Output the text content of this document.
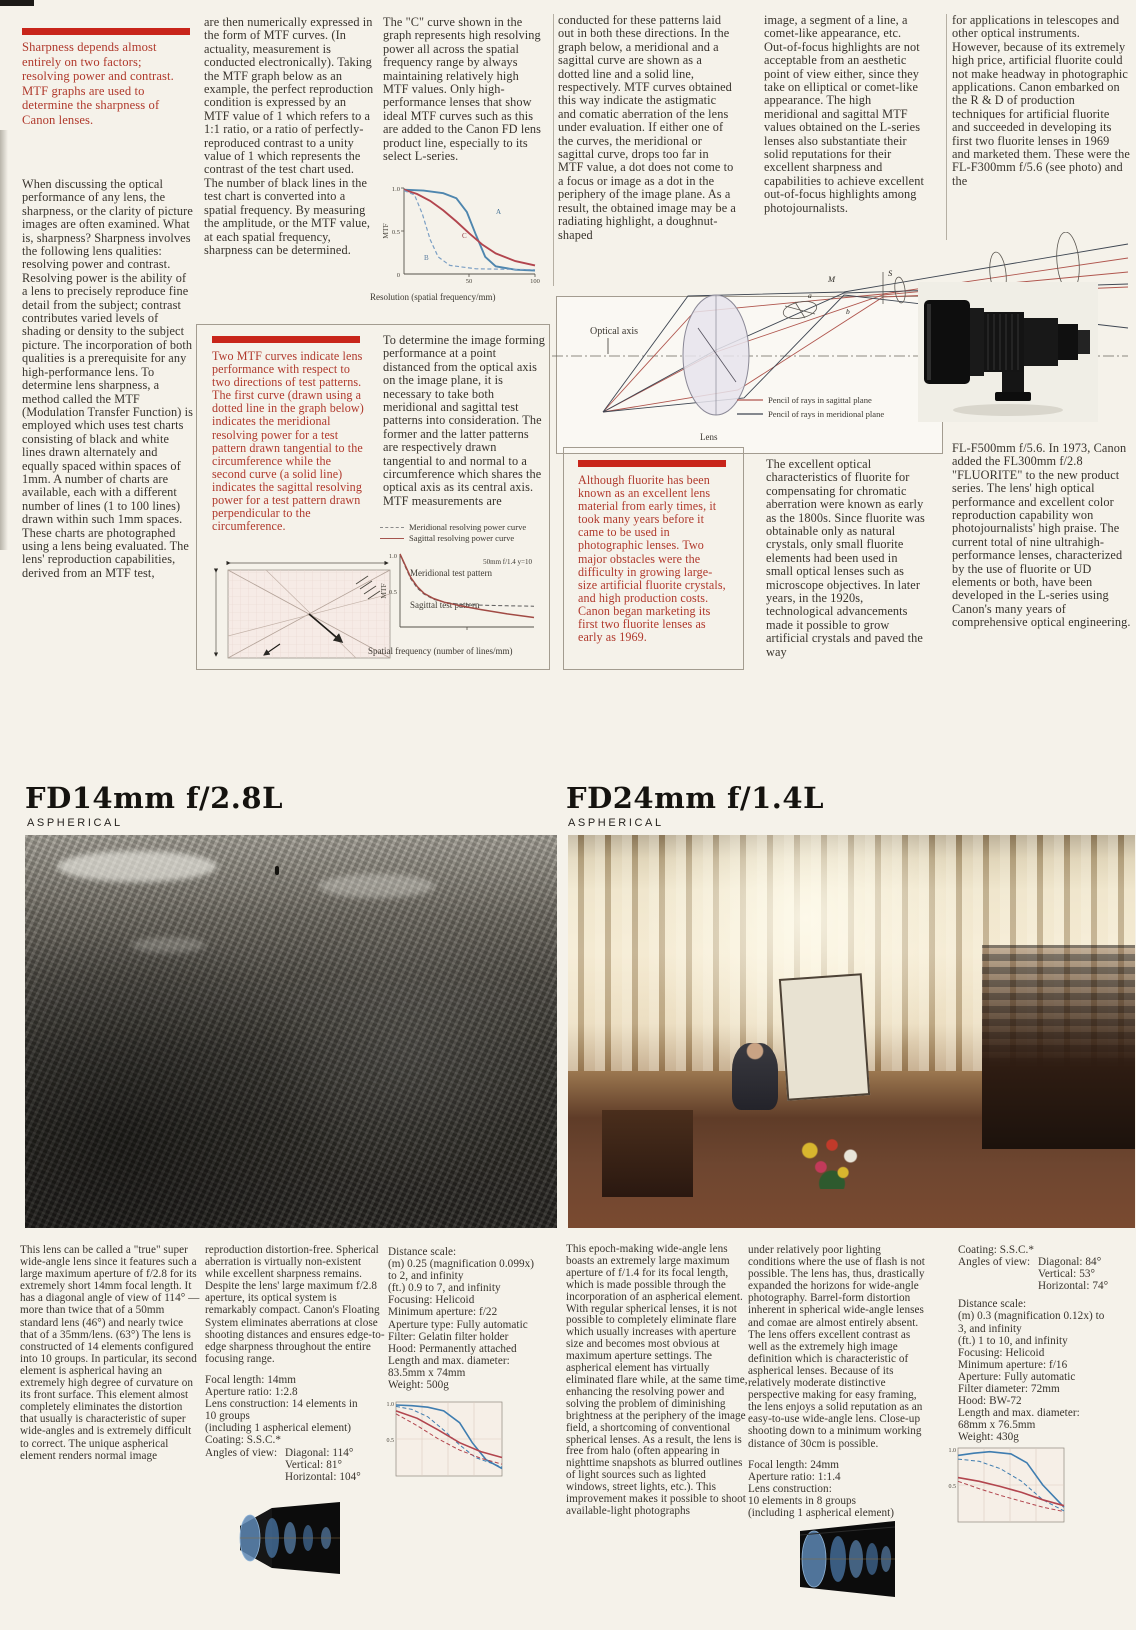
Sharpness depends almost entirely on two factors; resolving power and contrast. MTF graphs are used to determine the sharpness of Canon lenses.
When discussing the optical performance of any lens, the sharpness, or the clarity of picture images are often examined. What is, sharpness? Sharpness involves the following lens qualities: resolving power and contrast. Resolving power is the ability of a lens to precisely reproduce fine detail from the subject; contrast contributes varied levels of shading or density to the subject picture. The incorporation of both qualities is a prerequisite for any high-performance lens. To determine lens sharpness, a method called the MTF (Modulation Transfer Function) is employed which uses test charts consisting of black and white lines drawn alternately and equally spaced within spaces of 1mm. A number of charts are available, each with a different number of lines (1 to 100 lines) drawn within such 1mm spaces. These charts are photographed using a lens being evaluated. The lens' reproduction capabilities, derived from an MTF test,
are then numerically expressed in the form of MTF curves. (In actuality, measurement is conducted electronically). Taking the MTF graph below as an example, the perfect reproduction condition is expressed by an MTF value of 1 which refers to a 1:1 ratio, or a ratio of perfectly-reproduced contrast to a unity value of 1 which represents the contrast of the test chart used. The number of black lines in the test chart is converted into a spatial frequency. By measuring the amplitude, or the MTF value, at each spatial frequency, sharpness can be determined.
Two MTF curves indicate lens performance with respect to two directions of test patterns. The first curve (drawn using a dotted line in the graph below) indicates the meridional resolving power for a test pattern drawn tangential to the circumference while the second curve (a solid line) indicates the sagittal resolving power for a test pattern drawn perpendicular to the circumference.
Meridional test pattern
Sagittal test pattern
The "C" curve shown in the graph represents high resolving power all across the spatial frequency range by always maintaining relatively high MTF values. Only high-performance lenses that show ideal MTF curves such as this are added to the Canon FD lens product line, especially to its select L-series.
1.0
0.5
0
50	100
MTF
A
C
B
Resolution (spatial frequency/mm)
To determine the image forming performance at a point distanced from the optical axis on the image plane, it is necessary to take both meridional and sagittal test patterns into consideration. The former and the latter patterns are respectively drawn tangential to and normal to a circumference which shares the optical axis as its central axis. MTF measurements are
Meridional resolving power curve
Sagittal resolving power curve
1.0
0.5
MTF
50mm f/1.4 y=10
Spatial frequency (number of lines/mm)
conducted for these patterns laid out in both these directions. In the graph below, a meridional and a sagittal curve are shown as a dotted line and a solid line, respectively. MTF curves obtained this way indicate the astigmatic and comatic aberration of the lens under evaluation. If either one of the curves, the meridional or sagittal curve, drops too far in MTF value, a dot does not come to a focus or image as a dot in the periphery of the image plane. As a result, the obtained image may be a radiating highlight, a doughnut-shaped
Optical axis
M
S
a
b
Pencil of rays in sagittal plane
Pencil of rays in meridional plane
Lens
Although fluorite has been known as an excellent lens material from early times, it took many years before it came to be used in photographic lenses. Two major obstacles were the difficulty in growing large-size artificial fluorite crystals, and high production costs. Canon began marketing its first two fluorite lenses as early as 1969.
image, a segment of a line, a comet-like appearance, etc. Out-of-focus highlights are not acceptable from an aesthetic point of view either, since they take on elliptical or comet-like appearance. The high meridional and sagittal MTF values obtained on the L-series lenses also substantiate their solid reputations for their excellent sharpness and capabilities to achieve excellent out-of-focus highlights among photojournalists.
The excellent optical characteristics of fluorite for compensating for chromatic aberration were known as early as the 1800s. Since fluorite was obtainable only as natural crystals, only small fluorite elements had been used in small optical lenses such as microscope objectives. In later years, in the 1920s, technological advancements made it possible to grow artificial crystals and paved the way
for applications in telescopes and other optical instruments. However, because of its extremely high price, artificial fluorite could not make headway in photographic applications. Canon embarked on the R & D of production techniques for artificial fluorite and succeeded in developing its first two fluorite lenses in 1969 and marketed them. These were the FL-F300mm f/5.6 (see photo) and the
FL-F500mm f/5.6. In 1973, Canon added the FL300mm f/2.8 "FLUORITE" to the new product series. The lens' high optical performance and excellent color reproduction capability won photojournalists' high praise. The current total of nine ultrahigh-performance lenses, characterized by the use of fluorite or UD elements or both, have been developed in the L-series using Canon's many years of comprehensive optical engineering.
FD14mm f/2.8L
ASPHERICAL
This lens can be called a "true" super wide-angle lens since it features such a large maximum aperture of f/2.8 for its extremely short 14mm focal length. It has a diagonal angle of view of 114° — more than twice that of a 50mm standard lens (46°) and nearly twice that of a 35mm/lens. (63°) The lens is constructed of 14 elements configured into 10 groups. In particular, its second element is aspherical having an extremely high degree of curvature on its front surface. This element almost completely eliminates the distortion that usually is characteristic of super wide-angles and is extremely difficult to correct. The unique aspherical element renders normal image
reproduction distortion-free. Spherical aberration is virtually non-existent while excellent sharpness remains. Despite the lens' large maximum f/2.8 aperture, its optical system is remarkably compact. Canon's Floating System eliminates aberrations at close shooting distances and ensures edge-to-edge sharpness throughout the entire focusing range.
Focal length: 14mm
Aperture ratio: 1:2.8
Lens construction: 14 elements in
10 groups
(including 1 aspherical element)
Coating: S.S.C.*
Angles of view: Diagonal: 114°
Vertical: 81°
Horizontal: 104°
Distance scale:
(m) 0.25 (magnification 0.099x)
to 2, and infinity
(ft.) 0.9 to 7, and infinity
Focusing: Helicoid
Minimum aperture: f/22
Aperture type: Fully automatic
Filter: Gelatin filter holder
Hood: Permanently attached
Length and max. diameter:
83.5mm x 74mm
Weight: 500g
1.0
0.5
FD24mm f/1.4L
ASPHERICAL
This epoch-making wide-angle lens boasts an extremely large maximum aperture of f/1.4 for its focal length, which is made possible through the incorporation of an aspherical element. With regular spherical lenses, it is not possible to completely eliminate flare which usually increases with aperture size and becomes most obvious at maximum aperture settings. The aspherical element has virtually eliminated flare while, at the same time, enhancing the resolving power and solving the problem of diminishing brightness at the periphery of the image field, a shortcoming of conventional spherical lenses. As a result, the lens is free from halo (often appearing in nighttime snapshots as blurred outlines of light sources such as lighted windows, street lights, etc.). This improvement makes it possible to shoot available-light photographs
under relatively poor lighting conditions where the use of flash is not possible. The lens has, thus, drastically expanded the horizons for wide-angle photography. Barrel-form distortion inherent in spherical wide-angle lenses and comae are almost entirely absent. The lens offers excellent contrast as well as the extremely high image definition which is characteristic of aspherical lenses. Because of its relatively moderate distinctive perspective making for easy framing, the lens enjoys a solid reputation as an easy-to-use wide-angle lens. Close-up shooting down to a minimum working distance of 30cm is possible.
Focal length: 24mm
Aperture ratio: 1:1.4
Lens construction:
10 elements in 8 groups
(including 1 aspherical element)
Coating: S.S.C.*
Angles of view: Diagonal: 84°
Vertical: 53°
Horizontal: 74°
Distance scale:
(m) 0.3 (magnification 0.12x) to
3, and infinity
(ft.) 1 to 10, and infinity
Focusing: Helicoid
Minimum aperture: f/16
Aperture: Fully automatic
Filter diameter: 72mm
Hood: BW-72
Length and max. diameter:
68mm x 76.5mm
Weight: 430g
1.0
0.5
